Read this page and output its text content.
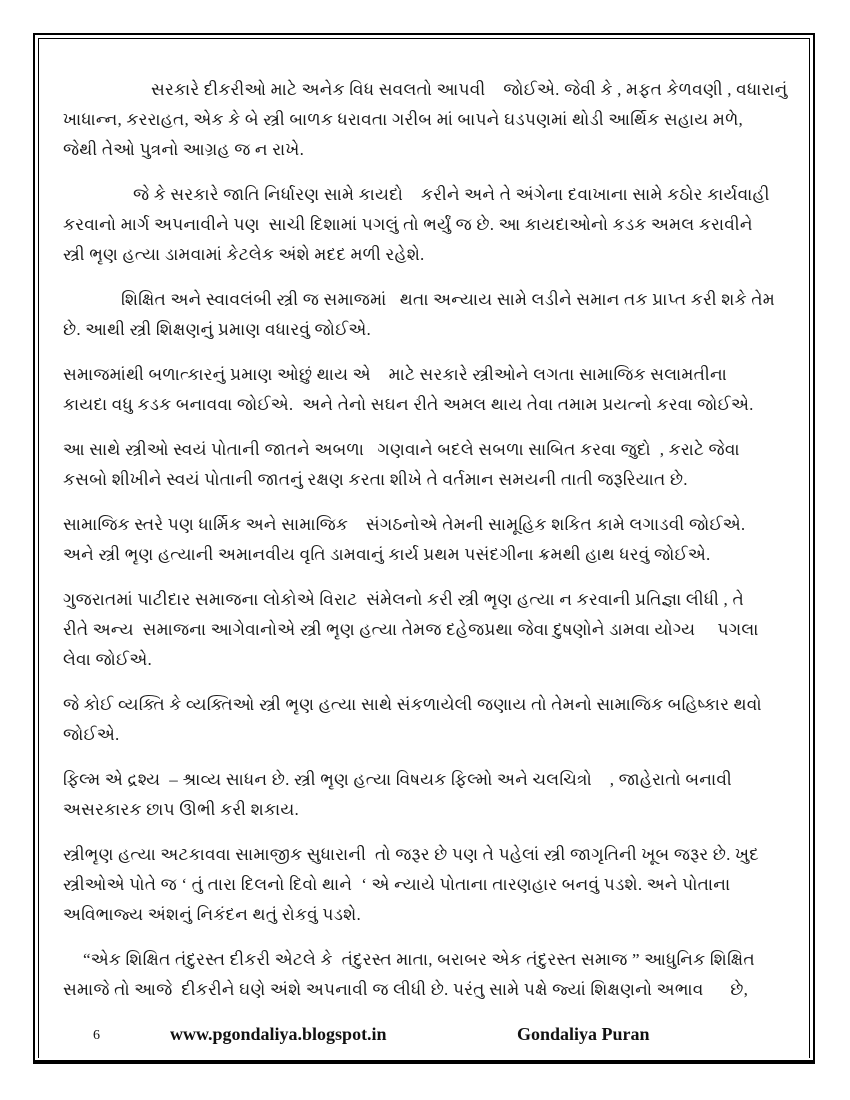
સરકારે દીકરીઓ માટે અનેક વિધ સવલતો આપવી    જોઈએ. જેવી કે , મફત કેળવણી , વધારાનું
ખાધાન્ન, કરરાહત, એક કે બે સ્ત્રી બાળક ધરાવતા ગરીબ માં બાપને ઘડપણમાં થોડી આર્થિક સહાય મળે,
જેથી તેઓ પુત્રનો આગ્રહ જ ન રાખે.

જે કે સરકારે જાતિ નિર્ધારણ સામે કાયદો    કરીને અને તે અંગેના દવાખાના સામે કઠોર કાર્યવાહી
કરવાનો માર્ગ અપનાવીને પણ  સાચી દિશામાં પગલું તો ભર્યું જ છે. આ કાયદાઓનો કડક અમલ કરાવીને
સ્ત્રી ભૃણ હત્યા ડામવામાં કેટલેક અંશે મદદ મળી રહેશે.

શિક્ષિત અને સ્વાવલંબી સ્ત્રી જ સમાજમાં   થતા અન્યાય સામે લડીને સમાન તક પ્રાપ્ત કરી શકે તેમ
છે. આથી સ્ત્રી શિક્ષણનું પ્રમાણ વધારવું જોઈએ.

સમાજમાંથી બળાત્કારનું પ્રમાણ ઓછું થાય એ    માટે સરકારે સ્ત્રીઓને લગતા સામાજિક સલામતીના
કાયદા વધુ કડક બનાવવા જોઈએ.  અને તેનો સઘન રીતે અમલ થાય તેવા તમામ પ્રયત્નો કરવા જોઈએ.

આ સાથે સ્ત્રીઓ સ્વયં પોતાની જાતને અબળા   ગણવાને બદલે સબળા સાબિત કરવા જુદો  , કરાટે જેવા
કસબો શીખીને સ્વયં પોતાની જાતનું રક્ષણ કરતા શીખે તે વર્તમાન સમયની તાતી જરૂરિયાત છે.

સામાજિક સ્તરે પણ ધાર્મિક અને સામાજિક    સંગઠનોએ તેમની સામૂહિક શકિત કામે લગાડવી જોઈએ.
અને સ્ત્રી ભૃણ હત્યાની અમાનવીય વૃતિ ડામવાનું કાર્ય પ્રથમ પસંદગીના ક્રમથી હાથ ધરવું જોઈએ.

ગુજરાતમાં પાટીદાર સમાજના લોકોએ વિરાટ  સંમેલનો કરી સ્ત્રી ભૃણ હત્યા ન કરવાની પ્રતિજ્ઞા લીધી , તે
રીતે અન્ય  સમાજના આગેવાનોએ સ્ત્રી ભૃણ હત્યા તેમજ દહેજપ્રથા જેવા દુષણોને ડામવા યોગ્ય     પગલા
લેવા જોઈએ.

જે કોઈ વ્યક્તિ કે વ્યક્તિઓ સ્ત્રી ભૃણ હત્યા સાથે સંકળાયેલી જણાય તો તેમનો સામાજિક બહિષ્કાર થવો
જોઈએ.

ફિલ્મ એ દ્રશ્ય  – શ્રાવ્ય સાધન છે. સ્ત્રી ભૃણ હત્યા વિષયક ફિલ્મો અને ચલચિત્રો    , જાહેરાતો બનાવી
અસરકારક છાપ ઊભી કરી શકાય.

સ્ત્રીભૃણ હત્યા અટકાવવા સામાજીક સુધારાની  તો જરૂર છે પણ તે પહેલાં સ્ત્રી જાગૃતિની ખૂબ જરૂર છે. ખુદ
સ્ત્રીઓએ પોતે જ ‘ તું તારા દિલનો દિવો થાને  ‘ એ ન્યાયે પોતાના તારણહાર બનવું પડશે. અને પોતાના
અવિભાજ્ય અંશનું નિકંદન થતું રોકવું પડશે.

“એક શિક્ષિત તંદુરસ્ત દીકરી એટલે કે  તંદુરસ્ત માતા, બરાબર એક તંદુરસ્ત સમાજ ” આધુનિક શિક્ષિત
સમાજે તો આજે  દીકરીને ઘણે અંશે અપનાવી જ લીધી છે. પરંતુ સામે પક્ષે જ્યાં શિક્ષણનો અભાવ      છે,

6	www.pgondaliya.blogspot.in	Gondaliya Puran
